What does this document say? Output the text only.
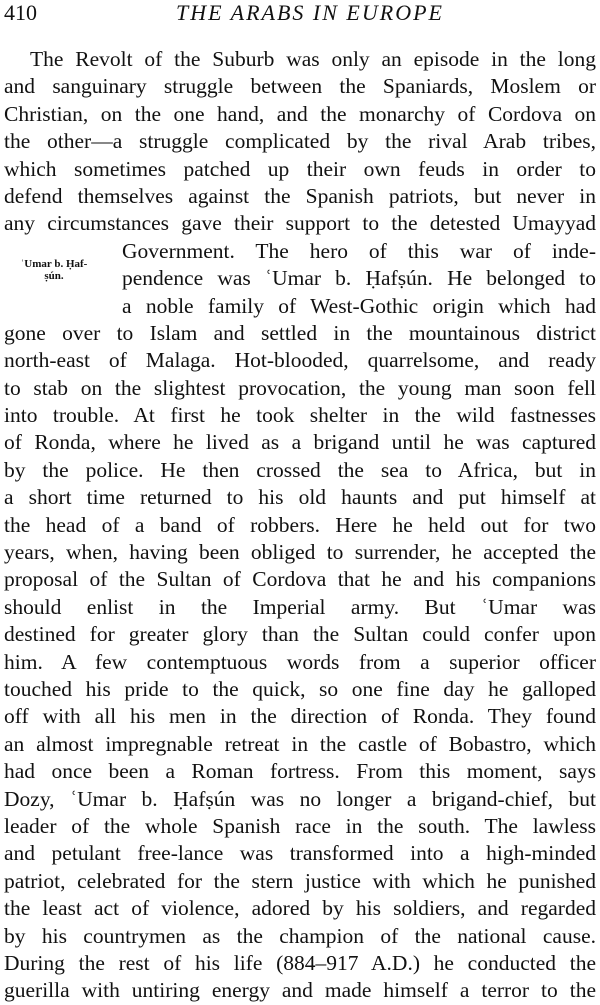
410	THE ARABS IN EUROPE
ʿUmar b. Ḥaf-
ṣún.
The Revolt of the Suburb was only an episode in the long
and sanguinary struggle between the Spaniards, Moslem or
Christian, on the one hand, and the monarchy of Cordova on
the other—a struggle complicated by the rival Arab tribes,
which sometimes patched up their own feuds in order to
defend themselves against the Spanish patriots, but never in
any circumstances gave their support to the detested Umayyad
Government. The hero of this war of inde-
pendence was ʿUmar b. Ḥafṣún. He belonged to
a noble family of West-Gothic origin which had
gone over to Islam and settled in the mountainous district
north-east of Malaga. Hot-blooded, quarrelsome, and ready
to stab on the slightest provocation, the young man soon fell
into trouble. At first he took shelter in the wild fastnesses
of Ronda, where he lived as a brigand until he was captured
by the police. He then crossed the sea to Africa, but in
a short time returned to his old haunts and put himself at
the head of a band of robbers. Here he held out for two
years, when, having been obliged to surrender, he accepted the
proposal of the Sultan of Cordova that he and his companions
should enlist in the Imperial army. But ʿUmar was
destined for greater glory than the Sultan could confer upon
him. A few contemptuous words from a superior officer
touched his pride to the quick, so one fine day he galloped
off with all his men in the direction of Ronda. They found
an almost impregnable retreat in the castle of Bobastro, which
had once been a Roman fortress. From this moment, says
Dozy, ʿUmar b. Ḥafṣún was no longer a brigand-chief, but
leader of the whole Spanish race in the south. The lawless
and petulant free-lance was transformed into a high-minded
patriot, celebrated for the stern justice with which he punished
the least act of violence, adored by his soldiers, and regarded
by his countrymen as the champion of the national cause.
During the rest of his life (884–917 A.D.) he conducted the
guerilla with untiring energy and made himself a terror to the
